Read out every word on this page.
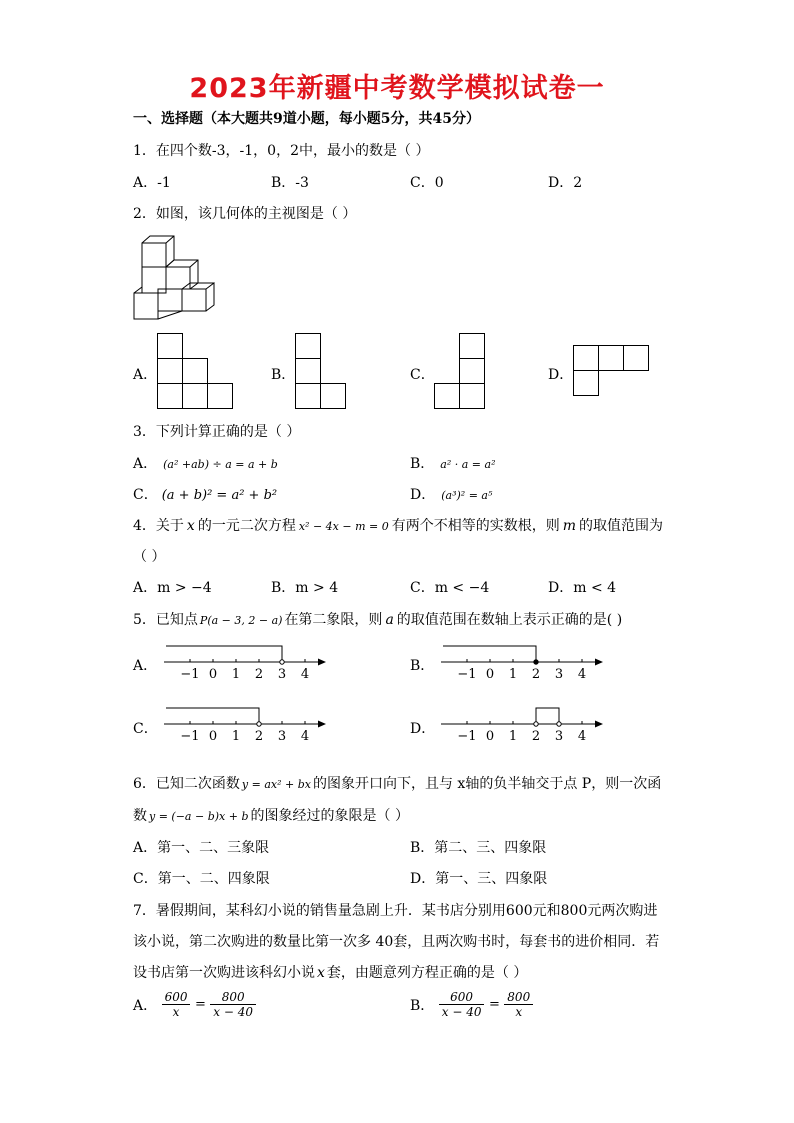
2023年新疆中考数学模拟试卷一
一、选择题（本大题共9道小题，每小题5分，共45分）
1．在四个数-3，-1，0，2中，最小的数是（ ）
A．-1	B．-3	C．0	D．2
2．如图，该几何体的主视图是（ ）
A．	B．	C．	D．
3．下列计算正确的是（ ）
A． (a² +ab) ÷ a = a + b	B． a² · a = a²
C． (a + b)² = a² + b²	D． (a³)² = a⁵
4．关于 x 的一元二次方程 x² − 4x − m = 0 有两个不相等的实数根，则 m 的取值范围为
（ ）
A．m > −4	B．m > 4	C．m < −4	D．m < 4
5．已知点 P(a − 3, 2 − a) 在第二象限，则 a 的取值范围在数轴上表示正确的是( )
A．	B．
C．	D．
−1 0 1 2 3 4	−1 0 1 2 3 4
−1 0 1 2 3 4	−1 0 1 2 3 4
6．已知二次函数 y = ax² + bx 的图象开口向下，且与 x轴的负半轴交于点 P，则一次函
数 y = (−a − b)x + b 的图象经过的象限是（ ）
A．第一、二、三象限	B．第二、三、四象限
C．第一、二、四象限	D．第一、三、四象限
7．暑假期间，某科幻小说的销售量急剧上升．某书店分别用600元和800元两次购进
该小说，第二次购进的数量比第一次多 40套，且两次购书时，每套书的进价相同．若
设书店第一次购进该科幻小说 x 套，由题意列方程正确的是（ ）
A． $\frac{600}{x} = \frac{800}{x - 40}$	B． $\frac{600}{x - 40} = \frac{800}{x}$
